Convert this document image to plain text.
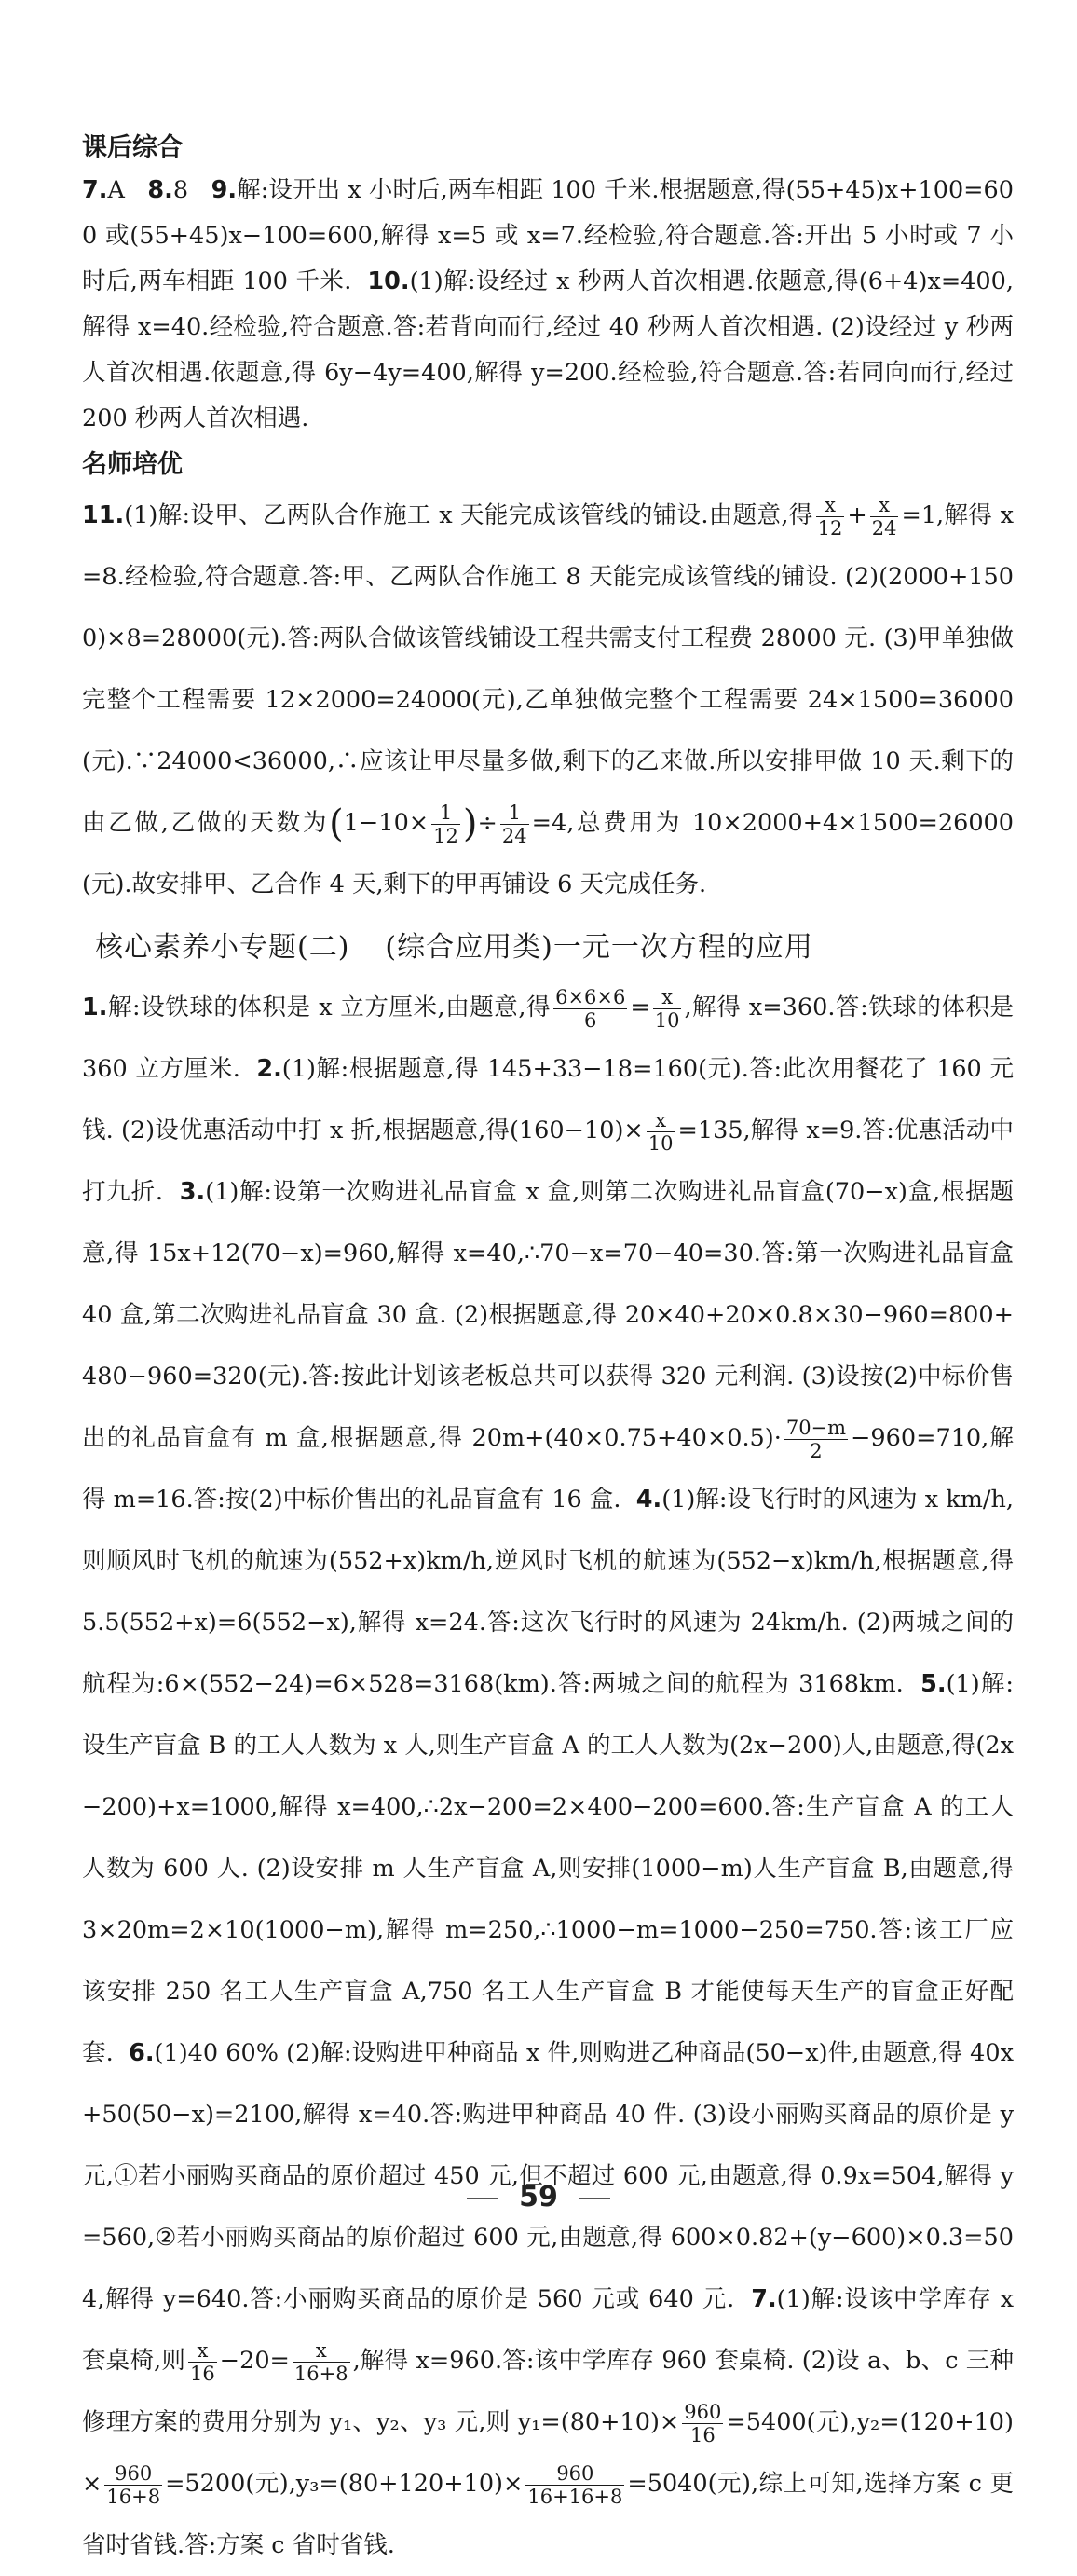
课后综合

7.A 8.8 9.解:设开出 x 小时后,两车相距 100 千米.根据题意,得(55+45)x+100=600 或(55+45)x−100=600,解得 x=5 或 x=7.经检验,符合题意.答:开出 5 小时或 7 小时后,两车相距 100 千米. 10.(1)解:设经过 x 秒两人首次相遇.依题意,得(6+4)x=400,解得 x=40.经检验,符合题意.答:若背向而行,经过 40 秒两人首次相遇. (2)设经过 y 秒两人首次相遇.依题意,得 6y−4y=400,解得 y=200.经检验,符合题意.答:若同向而行,经过 200 秒两人首次相遇.

名师培优

11.(1)解:设甲、乙两队合作施工 x 天能完成该管线的铺设.由题意,得 $\frac{x}{12} + \frac{x}{24} =1$,解得 x=8.经检验,符合题意.答:甲、乙两队合作施工 8 天能完成该管线的铺设. (2)(2000+1500)×8=28000(元).答:两队合做该管线铺设工程共需支付工程费 28000 元. (3)甲单独做完整个工程需要 12×2000=24000(元),乙单独做完整个工程需要 24×1500=36000(元).∵24000<36000,∴应该让甲尽量多做,剩下的乙来做.所以安排甲做 10 天.剩下的由乙做,乙做的天数为($1-10\times \frac{1}{12}$ )÷ $\frac{1}{24} =4$,总费用为 10×2000+4×1500=26000(元).故安排甲、乙合作 4 天,剩下的甲再铺设 6 天完成任务.

核心素养小专题(二) (综合应用类)一元一次方程的应用

1.解:设铁球的体积是 x 立方厘米,由题意,得 $\frac{6\times 6\times 6}{6} = \frac{x}{10}$ ,解得 x=360.答:铁球的体积是 360 立方厘米. 2.(1)解:根据题意,得 145+33−18=160(元).答:此次用餐花了 160 元钱. (2)设优惠活动中打 x 折,根据题意,得$(160-10)\times \frac{x}{10} =135$,解得 x=9.答:优惠活动中打九折. 3.(1)解:设第一次购进礼品盲盒 x 盒,则第二次购进礼品盲盒(70−x)盒,根据题意,得 15x+12(70−x)=960,解得 x=40,∴70−x=70−40=30.答:第一次购进礼品盲盒 40 盒,第二次购进礼品盲盒 30 盒. (2)根据题意,得 20×40+20×0.8×30−960=800+480−960=320(元).答:按此计划该老板总共可以获得 320 元利润. (3)设按(2)中标价售出的礼品盲盒有 m 盒,根据题意,得 $20m+(40\times 0.75+40\times 0.5)\cdot \frac{70-m}{2} -960=710$,解得 m=16.答:按(2)中标价售出的礼品盲盒有 16 盒. 4.(1)解:设飞行时的风速为 x km/h,则顺风时飞机的航速为(552+x)km/h,逆风时飞机的航速为(552−x)km/h,根据题意,得 5.5(552+x)=6(552−x),解得 x=24.答:这次飞行时的风速为 24km/h. (2)两城之间的航程为:6×(552−24)=6×528=3168(km).答:两城之间的航程为 3168km. 5.(1)解:设生产盲盒 B 的工人人数为 x 人,则生产盲盒 A 的工人人数为(2x−200)人,由题意,得(2x−200)+x=1000,解得 x=400,∴2x−200=2×400−200=600.答:生产盲盒 A 的工人人数为 600 人. (2)设安排 m 人生产盲盒 A,则安排(1000−m)人生产盲盒 B,由题意,得 3×20m=2×10(1000−m),解得 m=250,∴1000−m=1000−250=750.答:该工厂应该安排 250 名工人生产盲盒 A,750 名工人生产盲盒 B 才能使每天生产的盲盒正好配套. 6.(1)40 60% (2)解:设购进甲种商品 x 件,则购进乙种商品(50−x)件,由题意,得 40x+50(50−x)=2100,解得 x=40.答:购进甲种商品 40 件. (3)设小丽购买商品的原价是 y 元,①若小丽购买商品的原价超过 450 元,但不超过 600 元,由题意,得 0.9x=504,解得 y=560,②若小丽购买商品的原价超过 600 元,由题意,得 600×0.82+(y−600)×0.3=504,解得 y=640.答:小丽购买商品的原价是 560 元或 640 元. 7.(1)解:设该中学库存 x 套桌椅,则 $\frac{x}{16} -20= \frac{x}{16+8}$ ,解得 x=960.答:该中学库存 960 套桌椅. (2)设 a、b、c 三种修理方案的费用分别为 y₁、y₂、y₃ 元,则 $y_1=(80+10)\times \frac{960}{16} =5400$(元)$,y_2=(120+10)\times \frac{960}{16+8} =5200$(元)$,y_3=(80+120+10)\times \frac{960}{16+16+8} =5040$(元),综上可知,选择方案 c 更省时省钱.答:方案 c 省时省钱.

59
